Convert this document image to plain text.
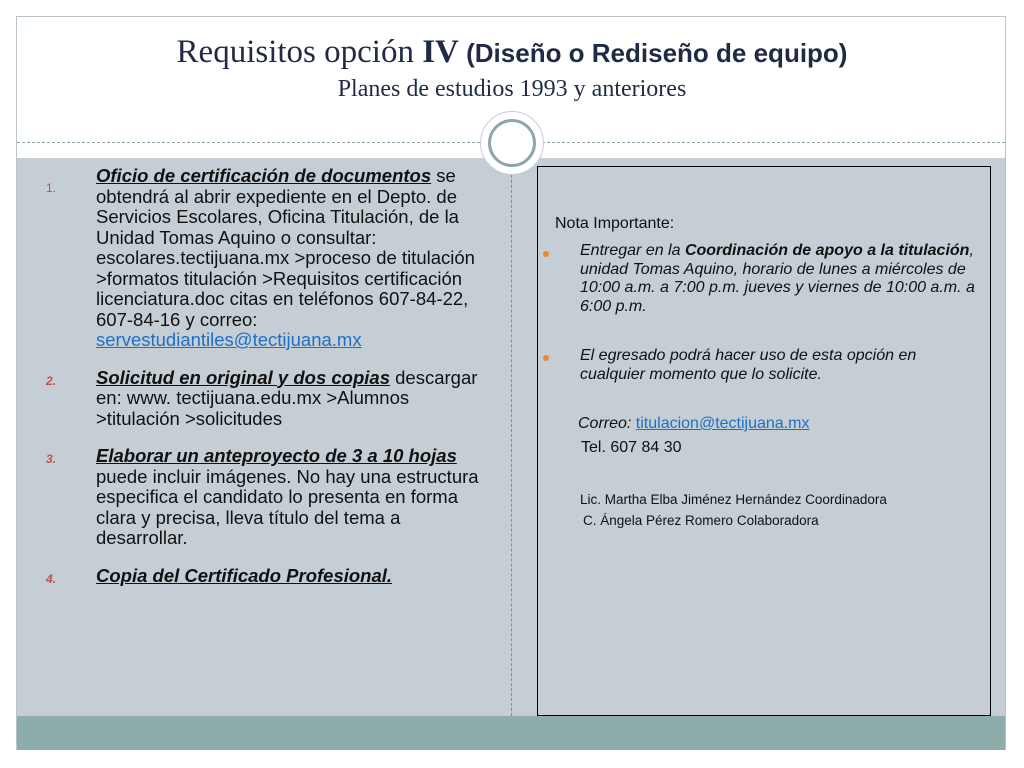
Requisitos opción IV (Diseño o Rediseño de equipo)
Planes de estudios 1993 y anteriores
1.
Oficio de certificación de documentos se obtendrá al abrir expediente en el Depto. de Servicios Escolares, Oficina Titulación, de la Unidad Tomas Aquino o consultar: escolares.tectijuana.mx >proceso de titulación >formatos titulación >Requisitos certificación licenciatura.doc citas en teléfonos 607-84-22, 607-84-16 y correo: servestudiantiles@tectijuana.mx
2. Solicitud en original y dos copias descargar en: www. tectijuana.edu.mx >Alumnos >titulación >solicitudes
3. Elaborar un anteproyecto de 3 a 10 hojas puede incluir imágenes. No hay una estructura especifica el candidato lo presenta en forma clara y precisa, lleva título del tema a desarrollar.
4. Copia del Certificado Profesional.
Nota Importante:
Entregar en la Coordinación de apoyo a la titulación, unidad Tomas Aquino, horario de lunes a miércoles de 10:00 a.m. a 7:00 p.m. jueves y viernes de 10:00 a.m. a 6:00 p.m.
El egresado podrá hacer uso de esta opción en cualquier momento que lo solicite.
Correo: titulacion@tectijuana.mx
Tel. 607 84 30
Lic. Martha Elba Jiménez Hernández Coordinadora
C. Ángela Pérez Romero Colaboradora
